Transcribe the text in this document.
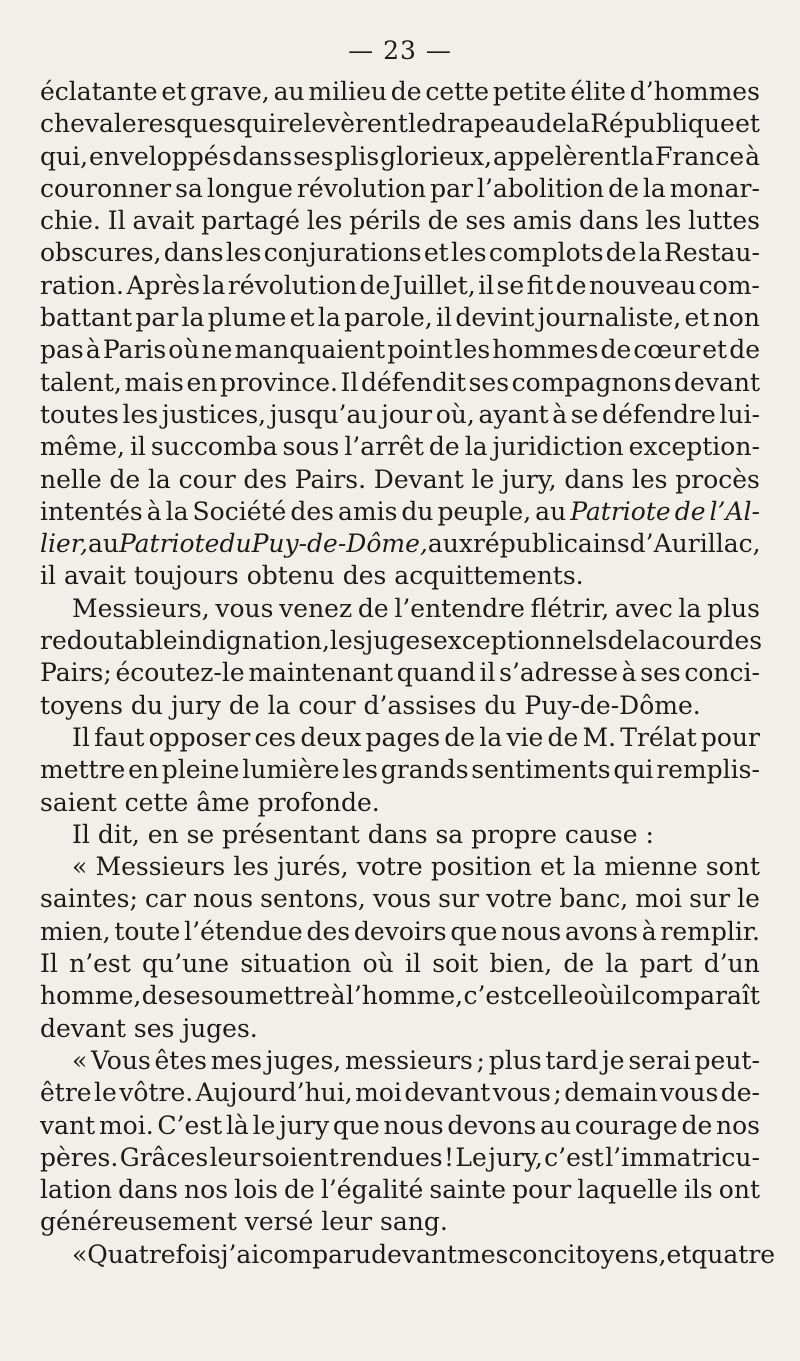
— 23 —
éclatante et grave, au milieu de cette petite élite d’hommes
chevaleresques qui relevèrent le drapeau de la République et
qui, enveloppés dans ses plis glorieux, appelèrent la France à
couronner sa longue révolution par l’abolition de la monar-
chie. Il avait partagé les périls de ses amis dans les luttes
obscures, dans les conjurations et les complots de la Restau-
ration. Après la révolution de Juillet, il se fit de nouveau com-
battant par la plume et la parole, il devint journaliste, et non
pas à Paris où ne manquaient point les hommes de cœur et de
talent, mais en province. Il défendit ses compagnons devant
toutes les justices, jusqu’au jour où, ayant à se défendre lui-
même, il succomba sous l’arrêt de la juridiction exception-
nelle de la cour des Pairs. Devant le jury, dans les procès
intentés à la Société des amis du peuple, au Patriote de l’Al-
lier, au Patriote du Puy-de-Dôme, aux républicains d’Aurillac,
il avait toujours obtenu des acquittements.
Messieurs, vous venez de l’entendre flétrir, avec la plus
redoutable indignation, les juges exceptionnels de la cour des
Pairs; écoutez-le maintenant quand il s’adresse à ses conci-
toyens du jury de la cour d’assises du Puy-de-Dôme.
Il faut opposer ces deux pages de la vie de M. Trélat pour
mettre en pleine lumière les grands sentiments qui remplis-
saient cette âme profonde.
Il dit, en se présentant dans sa propre cause :
« Messieurs les jurés, votre position et la mienne sont
saintes; car nous sentons, vous sur votre banc, moi sur le
mien, toute l’étendue des devoirs que nous avons à remplir.
Il n’est qu’une situation où il soit bien, de la part d’un
homme, de se soumettre à l’homme, c’est celle où il comparaît
devant ses juges.
« Vous êtes mes juges, messieurs ; plus tard je serai peut-
être le vôtre. Aujourd’hui, moi devant vous ; demain vous de-
vant moi. C’est là le jury que nous devons au courage de nos
pères. Grâces leur soient rendues ! Le jury, c’est l’immatricu-
lation dans nos lois de l’égalité sainte pour laquelle ils ont
généreusement versé leur sang.
« Quatre fois j’ai comparu devant mes concitoyens, et quatre
